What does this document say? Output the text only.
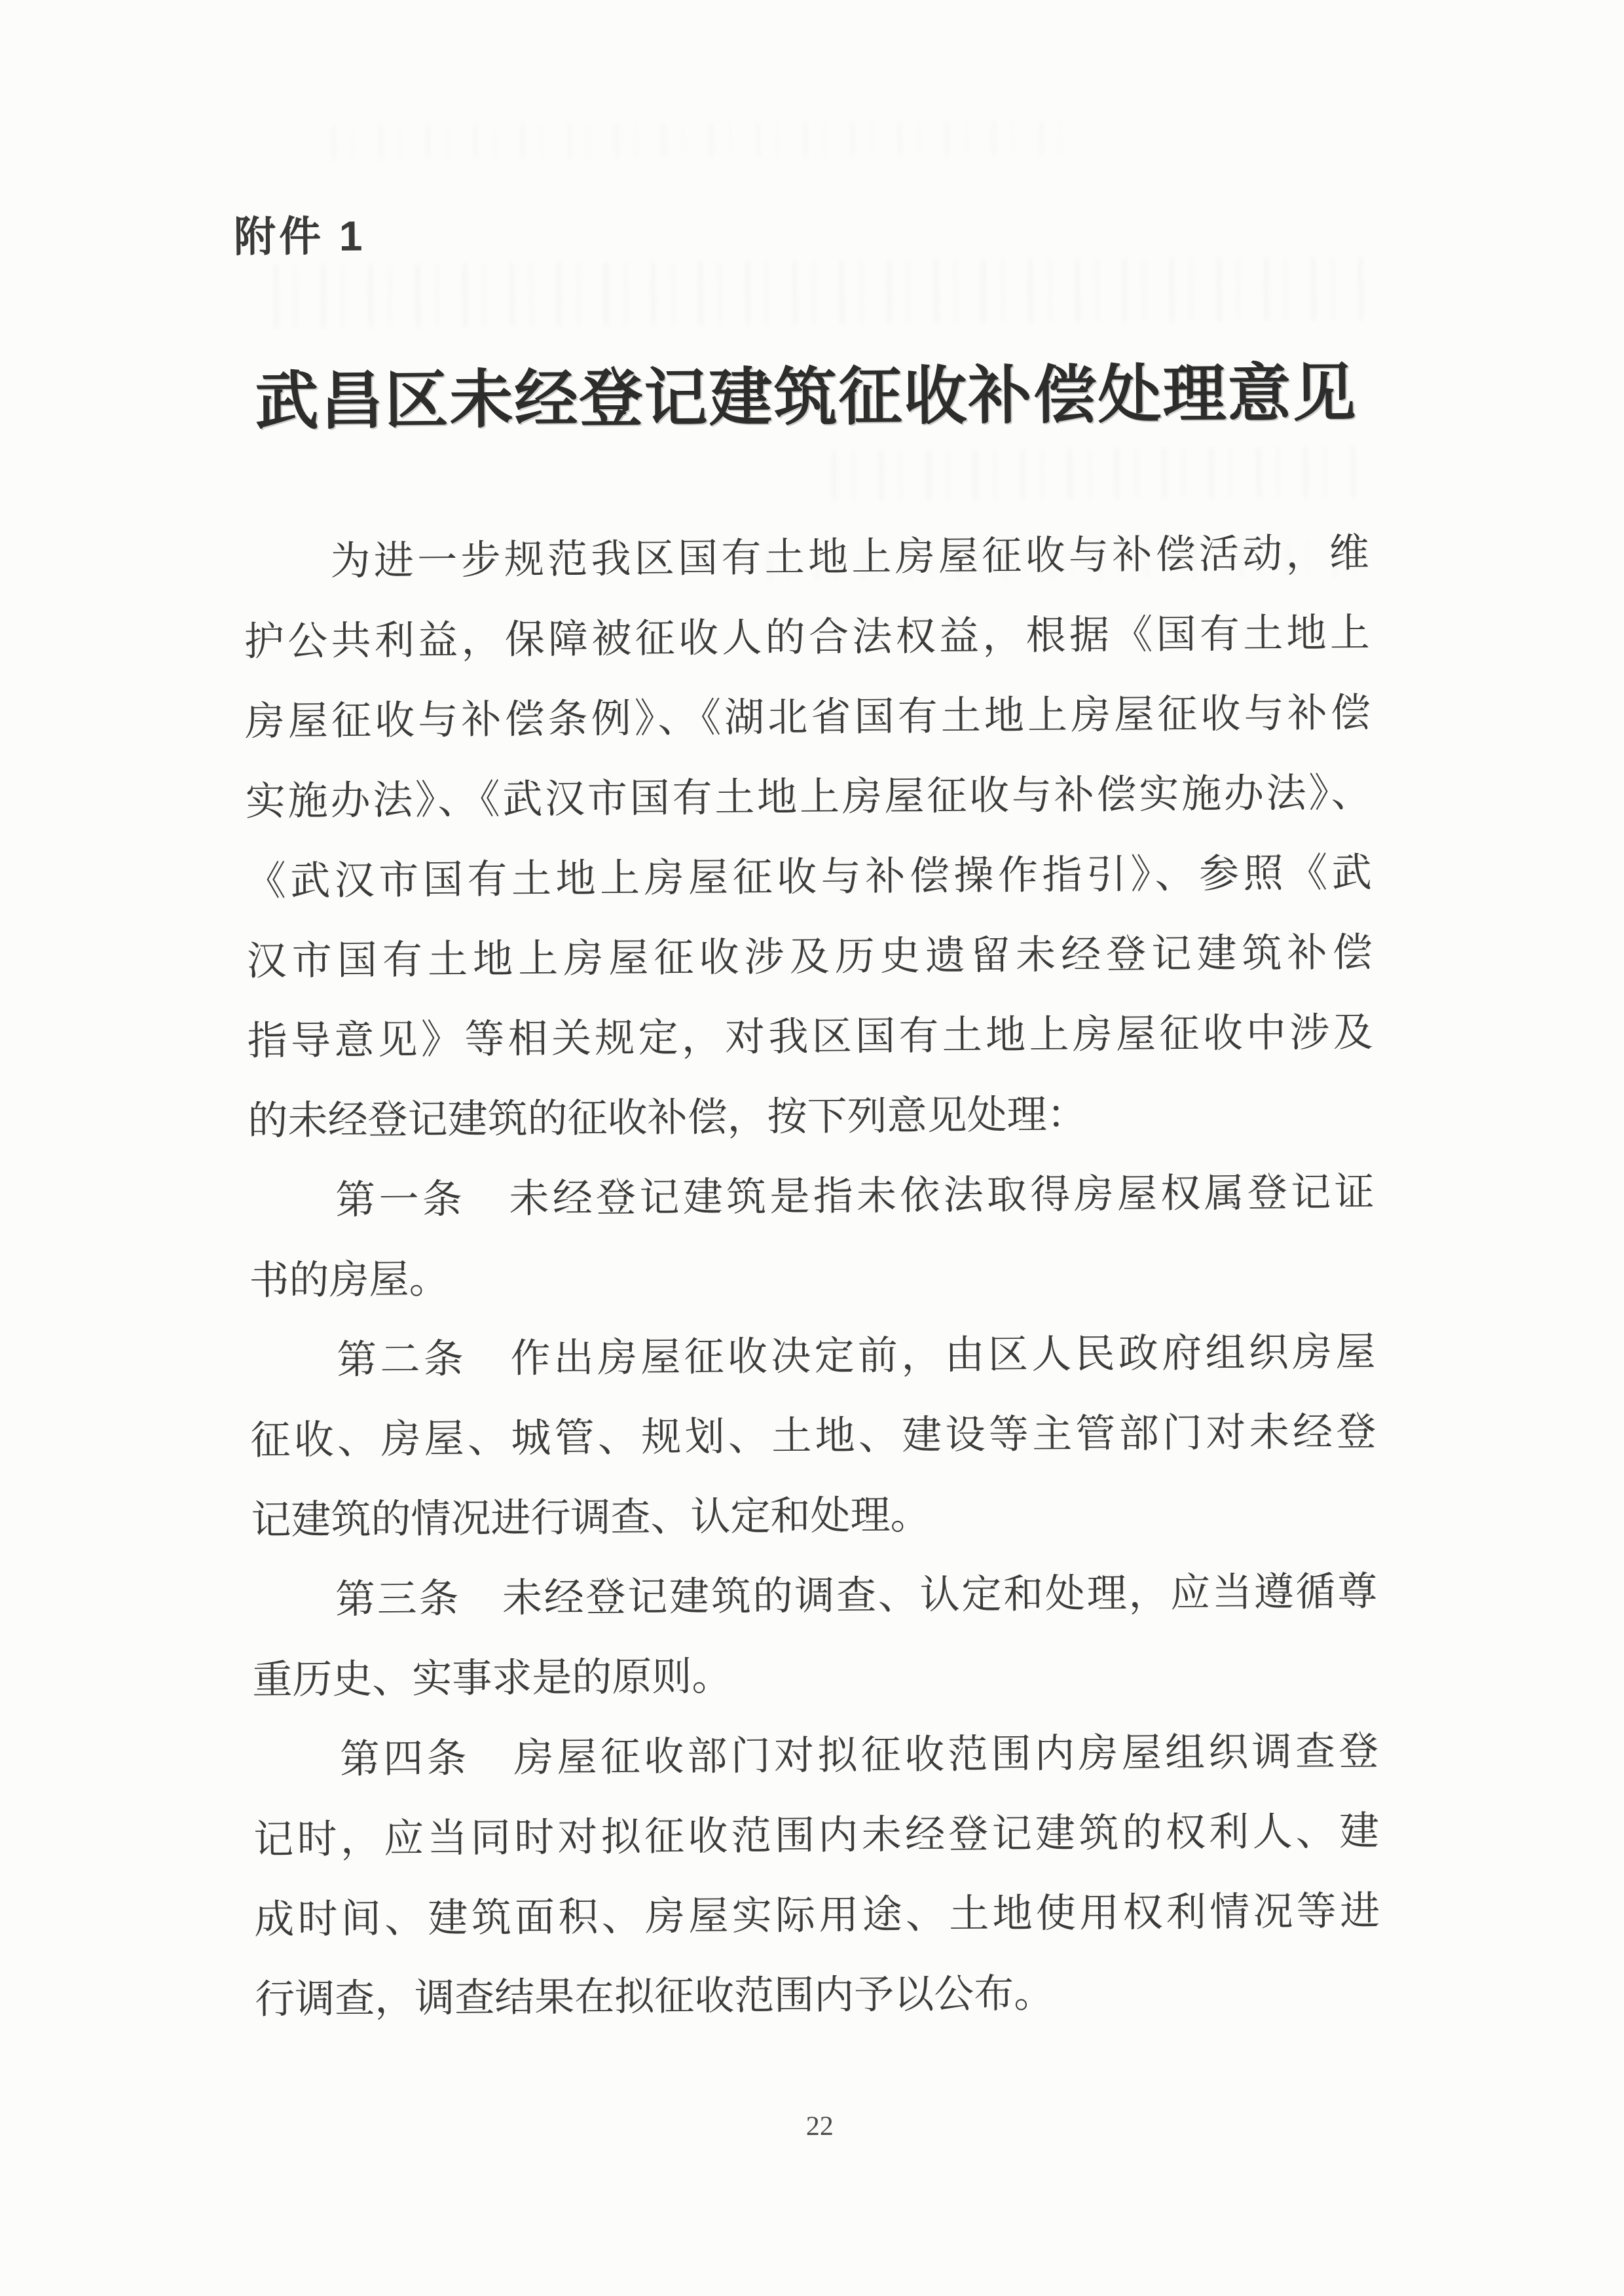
附件 1
武昌区未经登记建筑征收补偿处理意见
　　为进一步规范我区国有土地上房屋征收与补偿活动，维
护公共利益，保障被征收人的合法权益，根据《国有土地上
房屋征收与补偿条例》、《湖北省国有土地上房屋征收与补偿
实施办法》、《武汉市国有土地上房屋征收与补偿实施办法》、
《武汉市国有土地上房屋征收与补偿操作指引》、参照《武
汉市国有土地上房屋征收涉及历史遗留未经登记建筑补偿
指导意见》等相关规定，对我区国有土地上房屋征收中涉及
的未经登记建筑的征收补偿，按下列意见处理：
　　第一条　未经登记建筑是指未依法取得房屋权属登记证
书的房屋。
　　第二条　作出房屋征收决定前，由区人民政府组织房屋
征收、房屋、城管、规划、土地、建设等主管部门对未经登
记建筑的情况进行调查、认定和处理。
　　第三条　未经登记建筑的调查、认定和处理，应当遵循尊
重历史、实事求是的原则。
　　第四条　房屋征收部门对拟征收范围内房屋组织调查登
记时，应当同时对拟征收范围内未经登记建筑的权利人、建
成时间、建筑面积、房屋实际用途、土地使用权利情况等进
行调查，调查结果在拟征收范围内予以公布。
22
